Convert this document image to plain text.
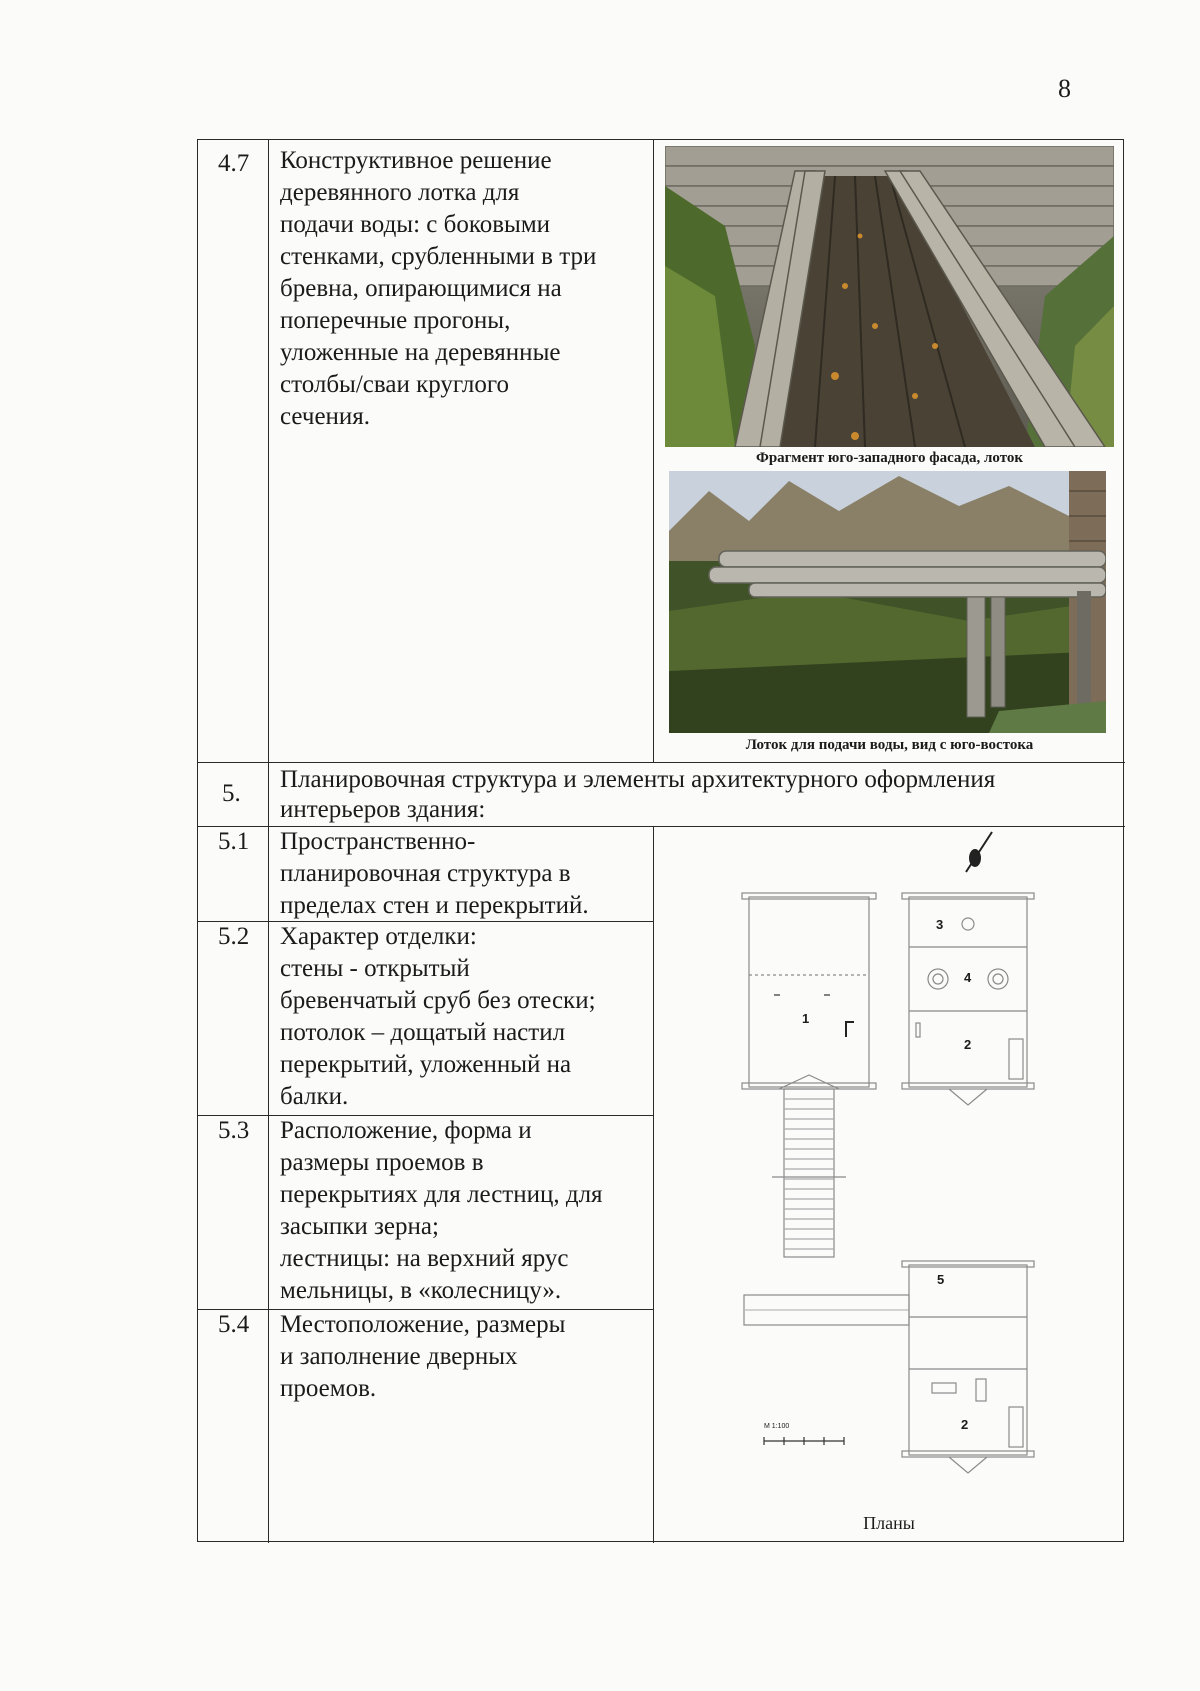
8
4.7 Конструктивное решение
деревянного лотка для
подачи воды: с боковыми
стенками, срубленными в три
бревна, опирающимися на
поперечные прогоны,
уложенные на деревянные
столбы/сваи круглого
сечения.
Фрагмент юго-западного фасада, лоток
Лоток для подачи воды, вид с юго-востока
5.
Планировочная структура и элементы архитектурного оформления
интерьеров здания:
5.1 Пространственно-
планировочная структура в
пределах стен и перекрытий.
5.2 Характер отделки:
стены - открытый
бревенчатый сруб без отески;
потолок – дощатый настил
перекрытий, уложенный на
балки.
5.3 Расположение, форма и
размеры проемов в
перекрытиях для лестниц, для
засыпки зерна;
лестницы: на верхний ярус
мельницы, в «колесницу».
5.4 Местоположение, размеры
и заполнение дверных
проемов.
1
2
3
4
2
5
М 1:100
Планы
